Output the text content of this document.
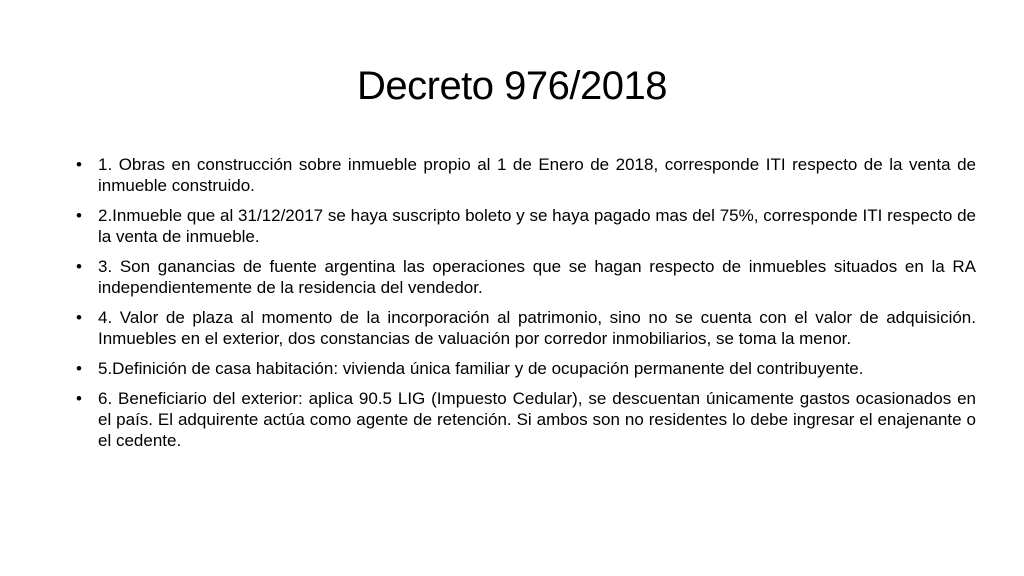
Decreto 976/2018
• 1. Obras en construcción sobre inmueble propio al 1 de Enero de 2018, corresponde ITI respecto de la venta de inmueble construido.
• 2.Inmueble que al 31/12/2017 se haya suscripto boleto y se haya pagado mas del 75%, corresponde ITI respecto de la venta de inmueble.
• 3. Son ganancias de fuente argentina las operaciones que se hagan respecto de inmuebles situados en la RA independientemente de la residencia del vendedor.
• 4. Valor de plaza al momento de la incorporación al patrimonio, sino no se cuenta con el valor de adquisición. Inmuebles en el exterior, dos constancias de valuación por corredor inmobiliarios, se toma la menor.
• 5.Definición de casa habitación: vivienda única familiar y de ocupación permanente del contribuyente.
• 6. Beneficiario del exterior: aplica 90.5 LIG (Impuesto Cedular), se descuentan únicamente gastos ocasionados en el país. El adquirente actúa como agente de retención. Si ambos son no residentes lo debe ingresar el enajenante o el cedente.
